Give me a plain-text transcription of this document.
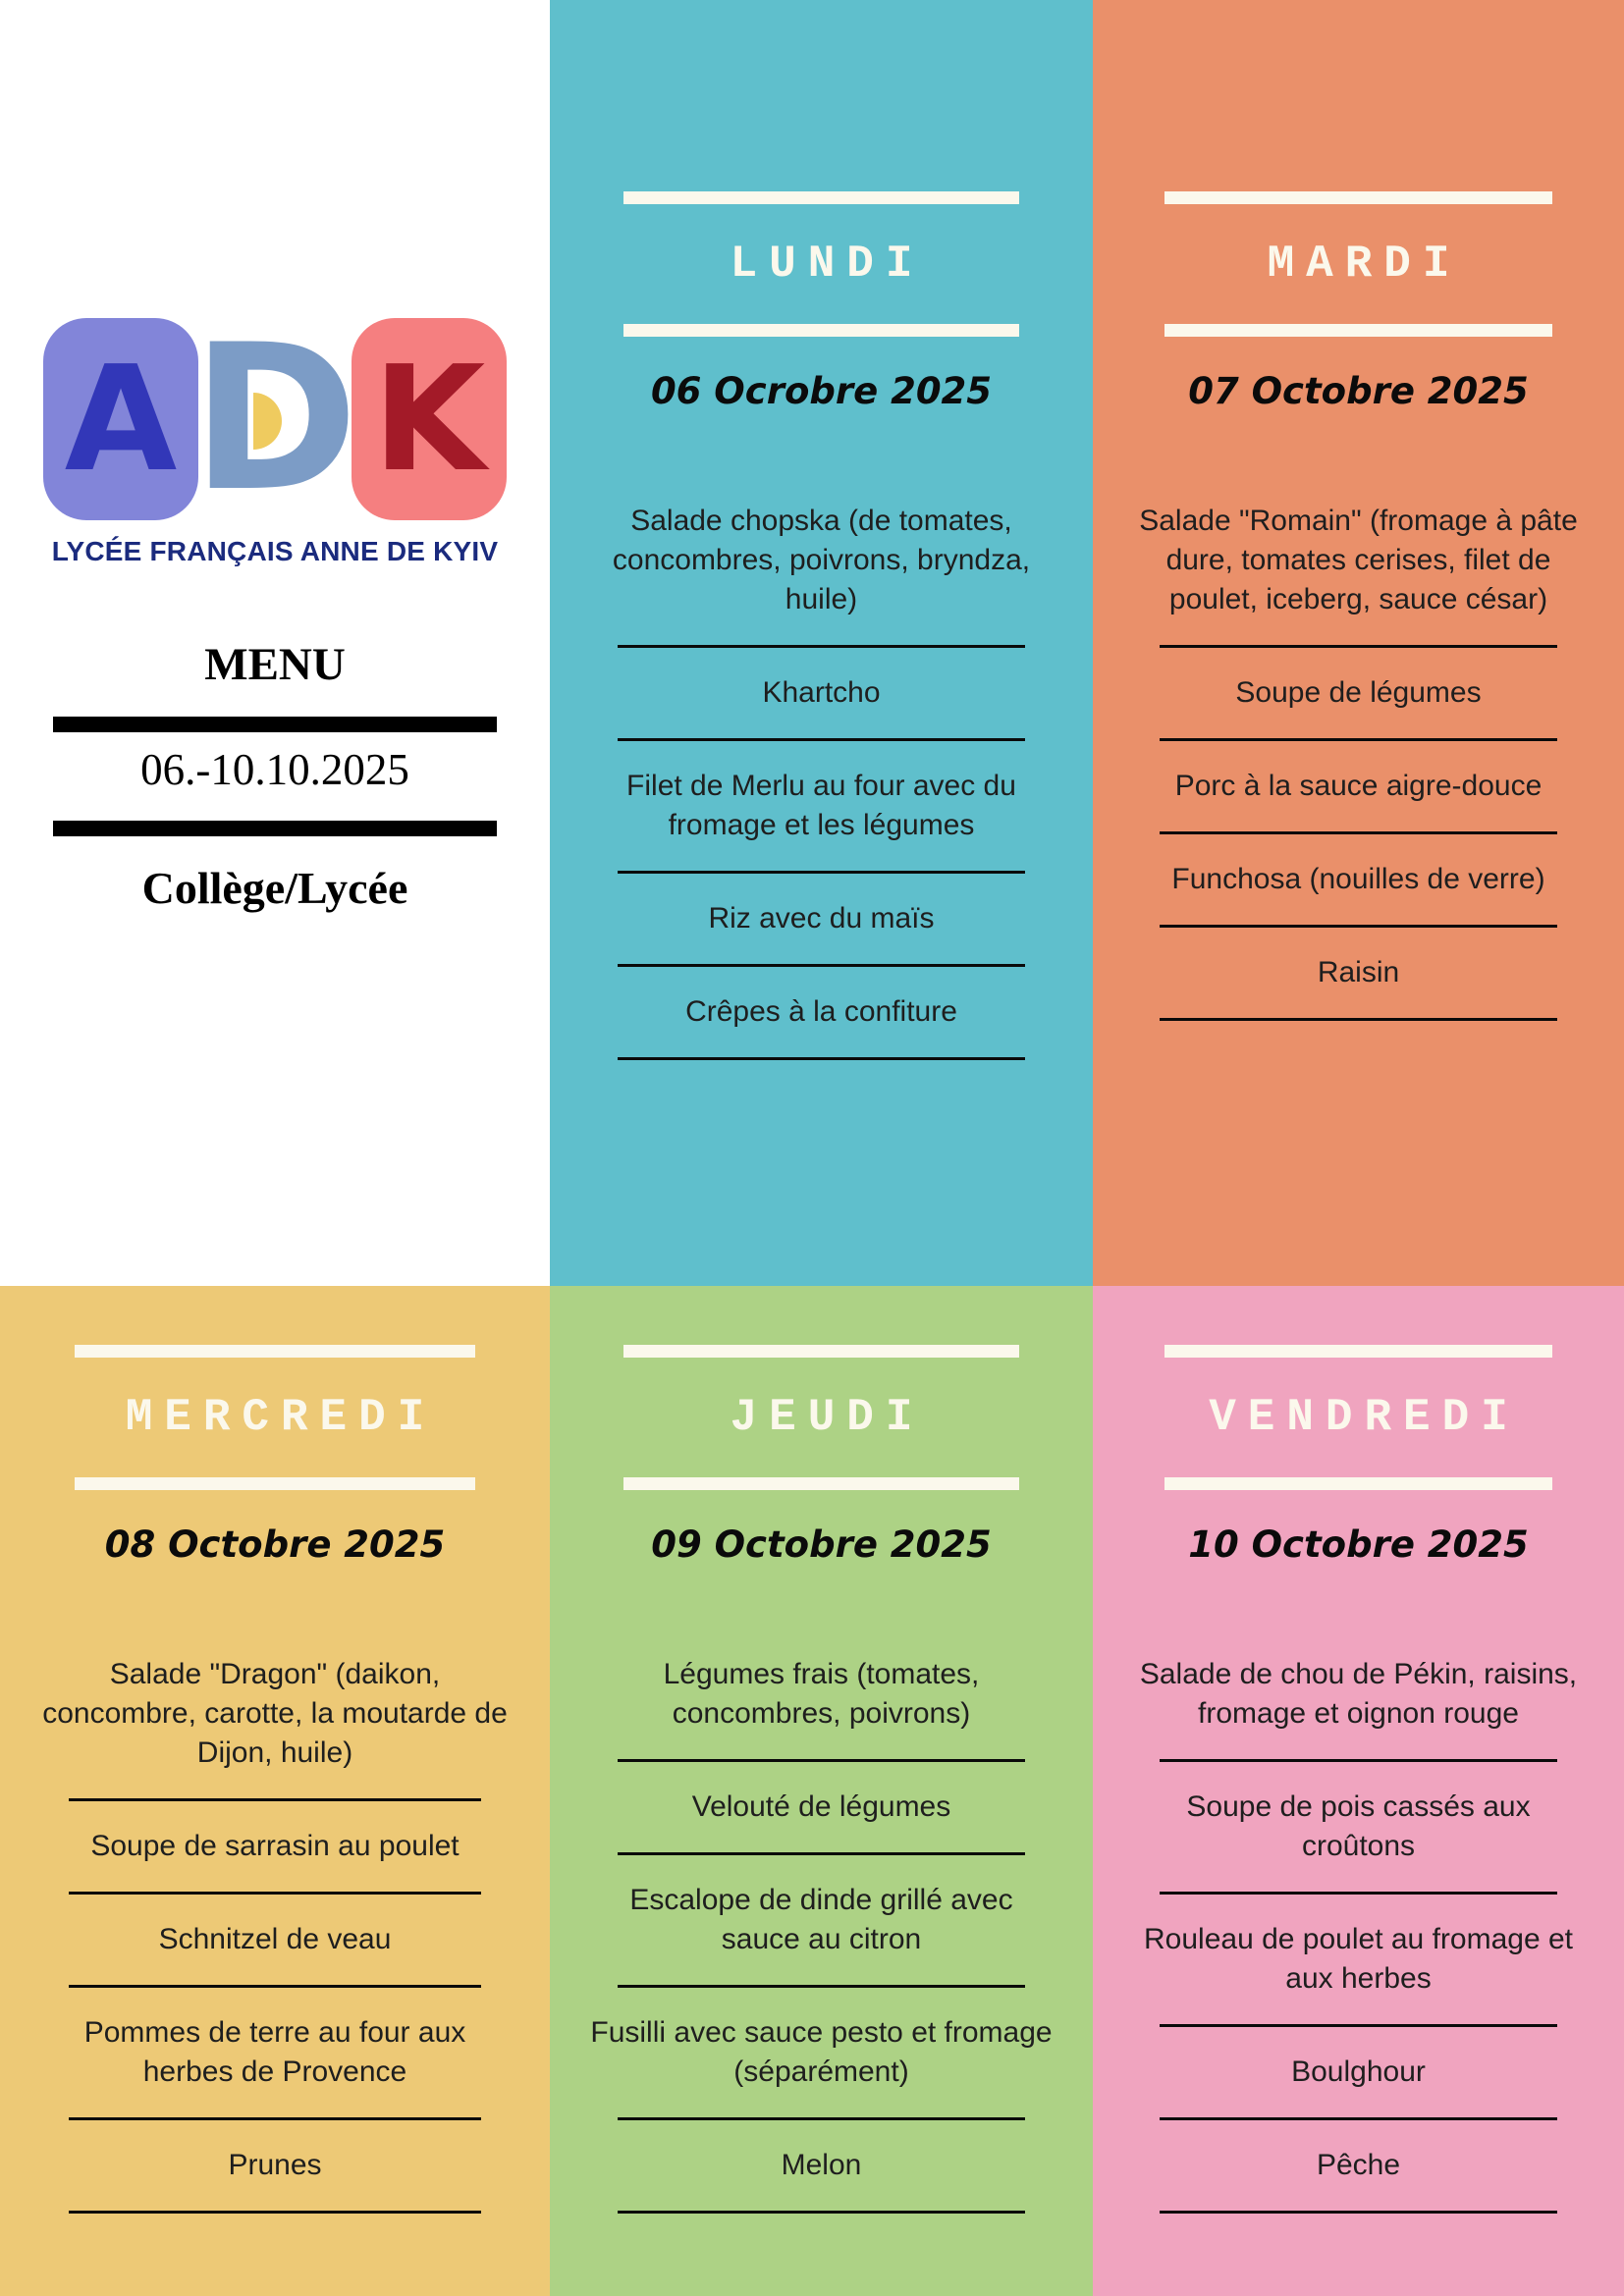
A D K
LYCÉE FRANÇAIS ANNE DE KYIV
MENU
06.-10.10.2025
Collège/Lycée
LUNDI
06 Ocrobre 2025
Salade chopska (de tomates, concombres, poivrons, bryndza, huile)
Khartcho
Filet de Merlu au four avec du fromage et les légumes
Riz avec du maïs
Crêpes à la confiture
MARDI
07 Octobre 2025
Salade "Romain" (fromage à pâte dure, tomates cerises, filet de poulet, iceberg, sauce césar)
Soupe de légumes
Porc à la sauce aigre-douce
Funchosa (nouilles de verre)
Raisin
MERCREDI
08 Octobre 2025
Salade "Dragon" (daikon, concombre, carotte, la moutarde de Dijon, huile)
Soupe de sarrasin au poulet
Schnitzel de veau
Pommes de terre au four aux herbes de Provence
Prunes
JEUDI
09 Octobre 2025
Légumes frais (tomates, concombres, poivrons)
Velouté de légumes
Escalope de dinde grillé avec sauce au citron
Fusilli avec sauce pesto et fromage (séparément)
Melon
VENDREDI
10 Octobre 2025
Salade de chou de Pékin, raisins, fromage et oignon rouge
Soupe de pois cassés aux croûtons
Rouleau de poulet au fromage et aux herbes
Boulghour
Pêche
